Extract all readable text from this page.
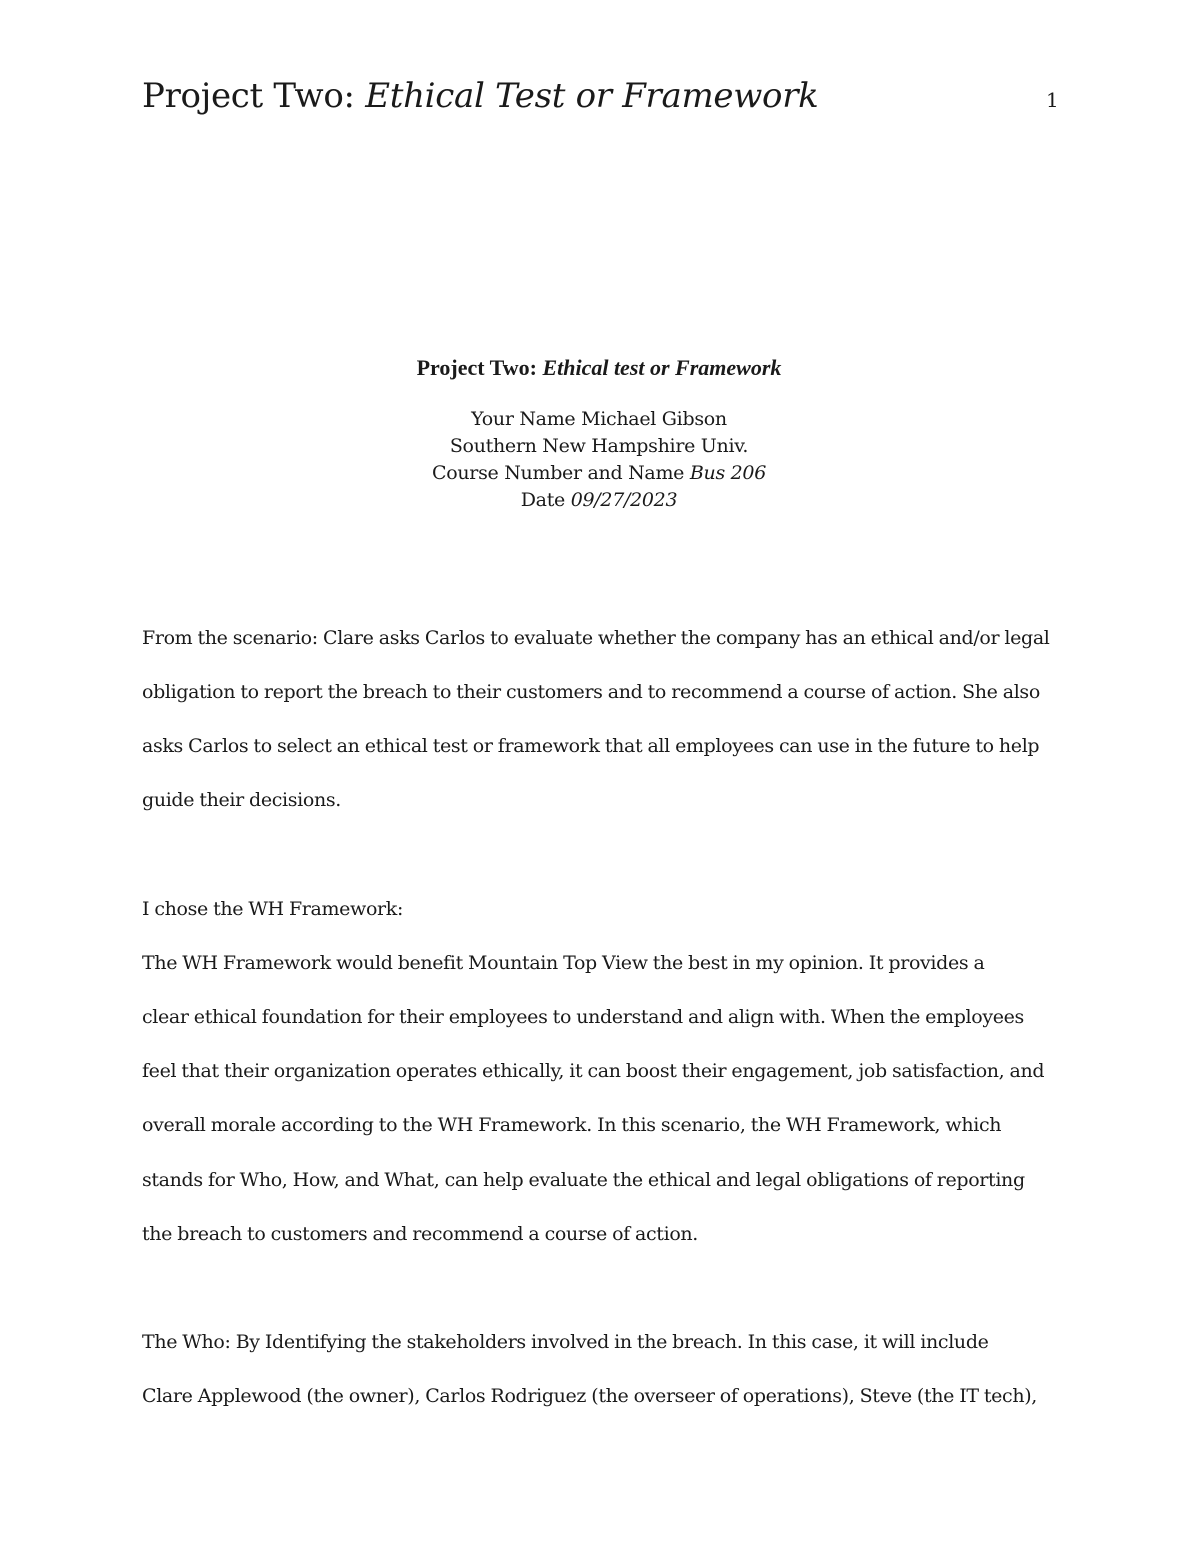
Project Two: Ethical Test or Framework	1

Project Two: Ethical test or Framework

Your Name Michael Gibson

Southern New Hampshire Univ.

Course Number and Name Bus 206

Date 09/27/2023

From the scenario: Clare asks Carlos to evaluate whether the company has an ethical and/or legal

obligation to report the breach to their customers and to recommend a course of action. She also

asks Carlos to select an ethical test or framework that all employees can use in the future to help

guide their decisions.

I chose the WH Framework:

The WH Framework would benefit Mountain Top View the best in my opinion. It provides a

clear ethical foundation for their employees to understand and align with. When the employees

feel that their organization operates ethically, it can boost their engagement, job satisfaction, and

overall morale according to the WH Framework. In this scenario, the WH Framework, which

stands for Who, How, and What, can help evaluate the ethical and legal obligations of reporting

the breach to customers and recommend a course of action.

The Who: By Identifying the stakeholders involved in the breach. In this case, it will include

Clare Applewood (the owner), Carlos Rodriguez (the overseer of operations), Steve (the IT tech),
